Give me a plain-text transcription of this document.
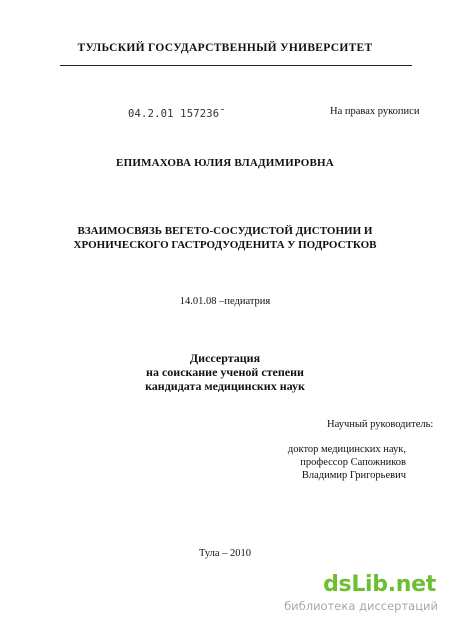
ТУЛЬСКИЙ ГОСУДАРСТВЕННЫЙ УНИВЕРСИТЕТ
04.2.01 157236ˉ	На правах рукописи
ЕПИМАХОВА ЮЛИЯ ВЛАДИМИРОВНА
ВЗАИМОСВЯЗЬ ВЕГЕТО-СОСУДИСТОЙ ДИСТОНИИ И
ХРОНИЧЕСКОГО ГАСТРОДУОДЕНИТА У ПОДРОСТКОВ
14.01.08 –педиатрия
Диссертация
на соискание ученой степени
кандидата медицинских наук
Научный руководитель:
доктор медицинских наук,
профессор Сапожников
Владимир Григорьевич
Тула – 2010
dsLib.net
библиотека диссертаций
